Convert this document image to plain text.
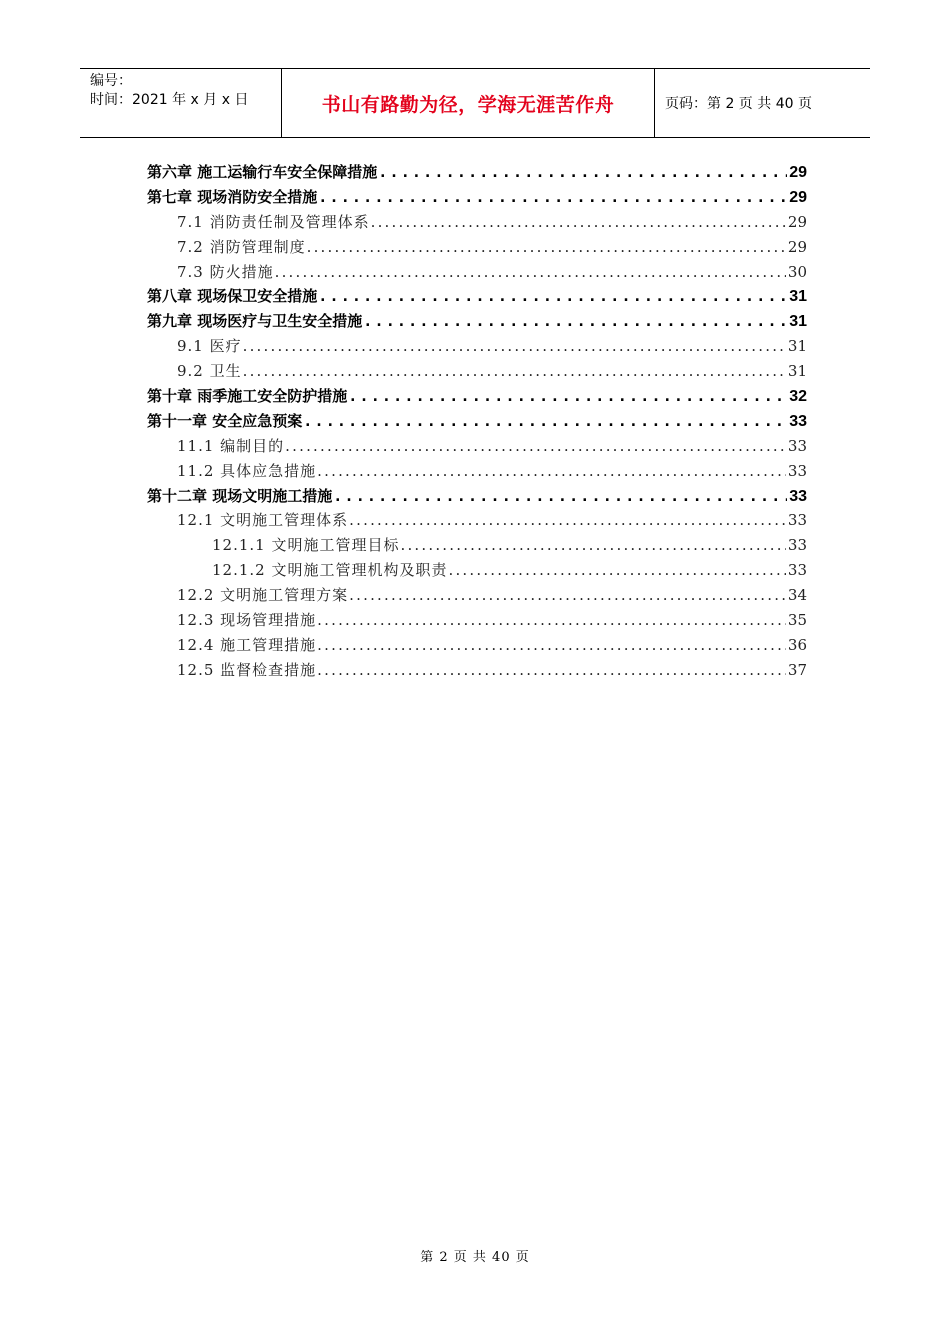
编号：
时间：2021 年 x 月 x 日	书山有路勤为径，学海无涯苦作舟	页码：第 2 页 共 40 页
第六章 施工运输行车安全保障措施 .....	29
第七章 现场消防安全措施 .....	29
7.1 消防责任制及管理体系 .....	29
7.2 消防管理制度 .....	29
7.3 防火措施 .....	30
第八章 现场保卫安全措施 .....	31
第九章 现场医疗与卫生安全措施 .....	31
9.1 医疗 .....	31
9.2 卫生 .....	31
第十章 雨季施工安全防护措施 .....	32
第十一章 安全应急预案 .....	33
11.1 编制目的 .....	33
11.2 具体应急措施 .....	33
第十二章 现场文明施工措施 .....	33
12.1 文明施工管理体系 .....	33
12.1.1 文明施工管理目标 .....	33
12.1.2 文明施工管理机构及职责 .....	33
12.2 文明施工管理方案 .....	34
12.3 现场管理措施 .....	35
12.4 施工管理措施 .....	36
12.5 监督检查措施 .....	37
第 2 页 共 40 页
